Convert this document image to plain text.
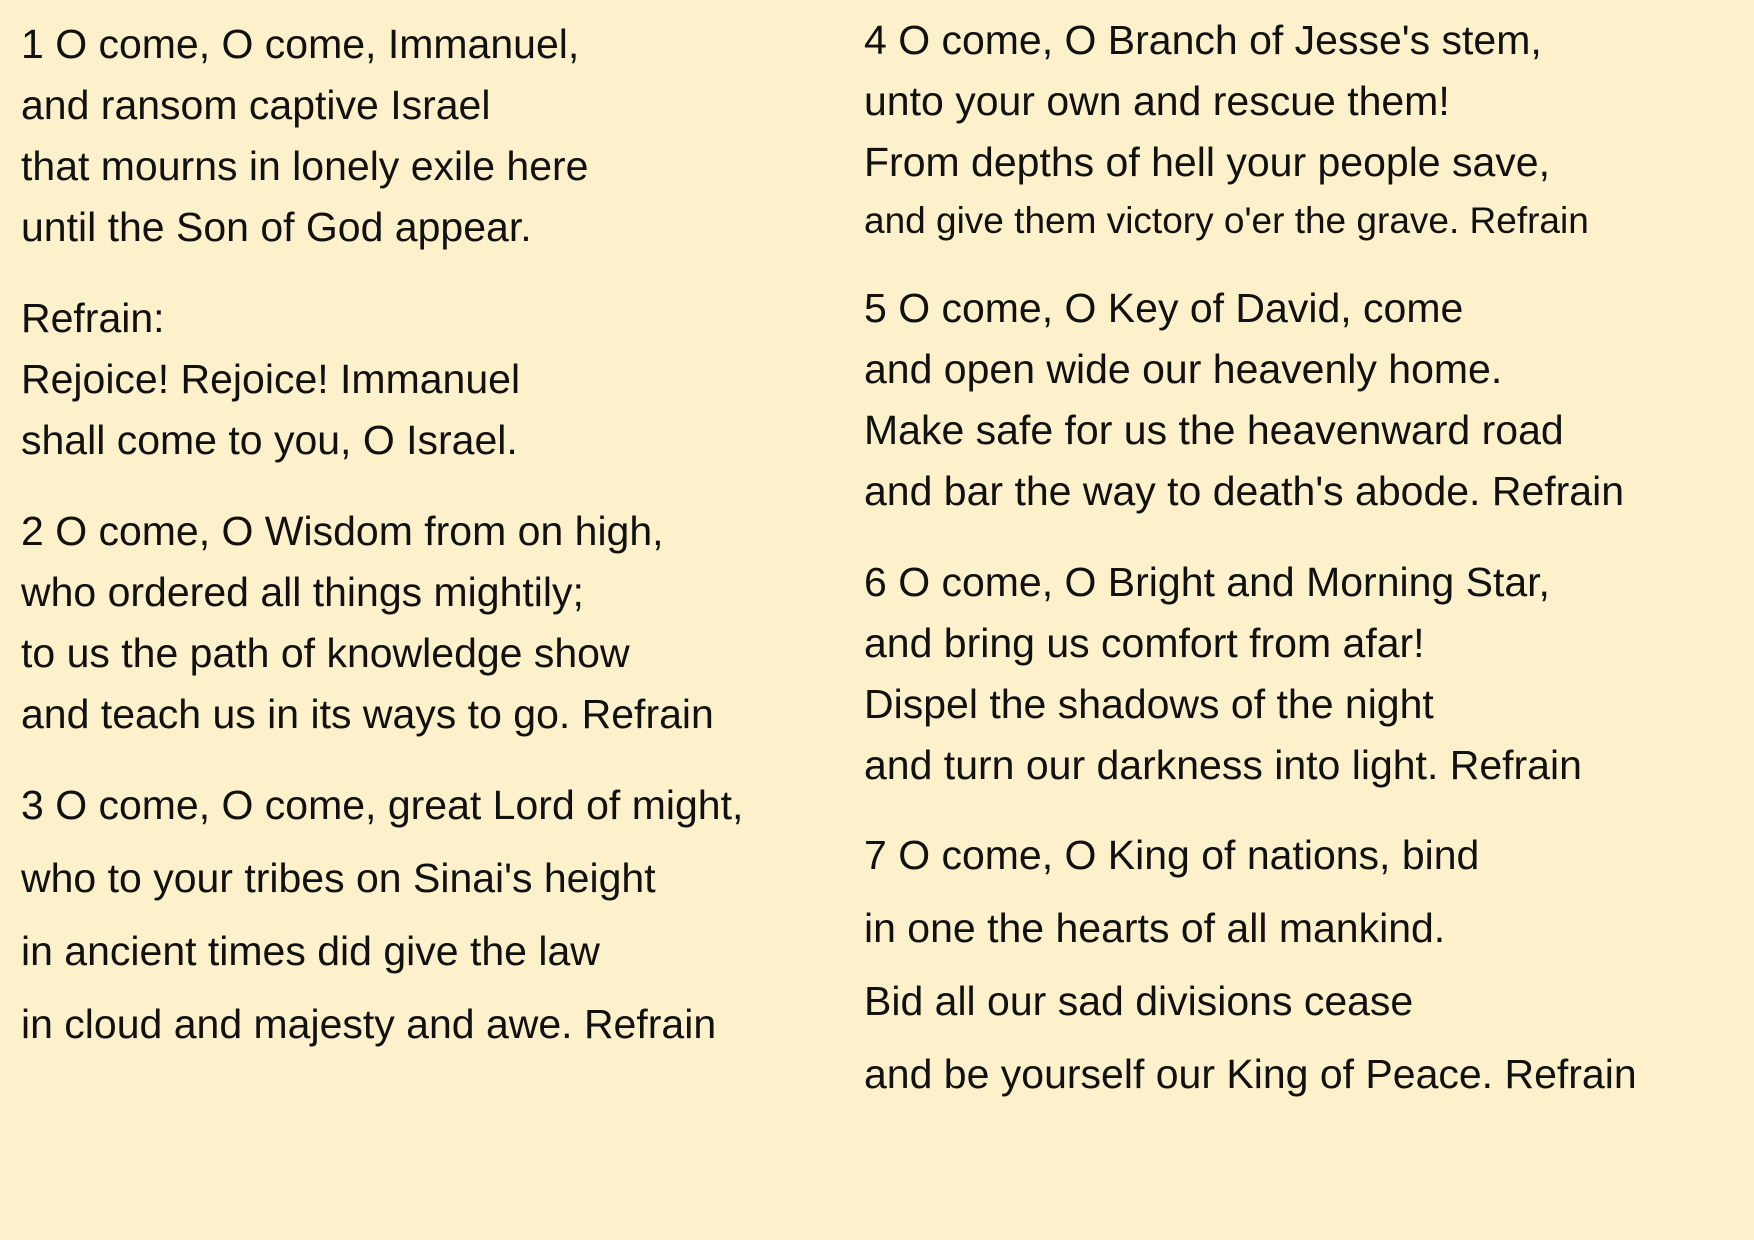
1 O come, O come, Immanuel,
and ransom captive Israel
that mourns in lonely exile here
until the Son of God appear.
Refrain:
Rejoice! Rejoice! Immanuel
shall come to you, O Israel.
2 O come, O Wisdom from on high,
who ordered all things mightily;
to us the path of knowledge show
and teach us in its ways to go. Refrain
3 O come, O come, great Lord of might,
who to your tribes on Sinai's height
in ancient times did give the law
in cloud and majesty and awe. Refrain
4 O come, O Branch of Jesse's stem,
unto your own and rescue them!
From depths of hell your people save,
and give them victory o'er the grave. Refrain
5 O come, O Key of David, come
and open wide our heavenly home.
Make safe for us the heavenward road
and bar the way to death's abode. Refrain
6 O come, O Bright and Morning Star,
and bring us comfort from afar!
Dispel the shadows of the night
and turn our darkness into light. Refrain
7 O come, O King of nations, bind
in one the hearts of all mankind.
Bid all our sad divisions cease
and be yourself our King of Peace. Refrain
